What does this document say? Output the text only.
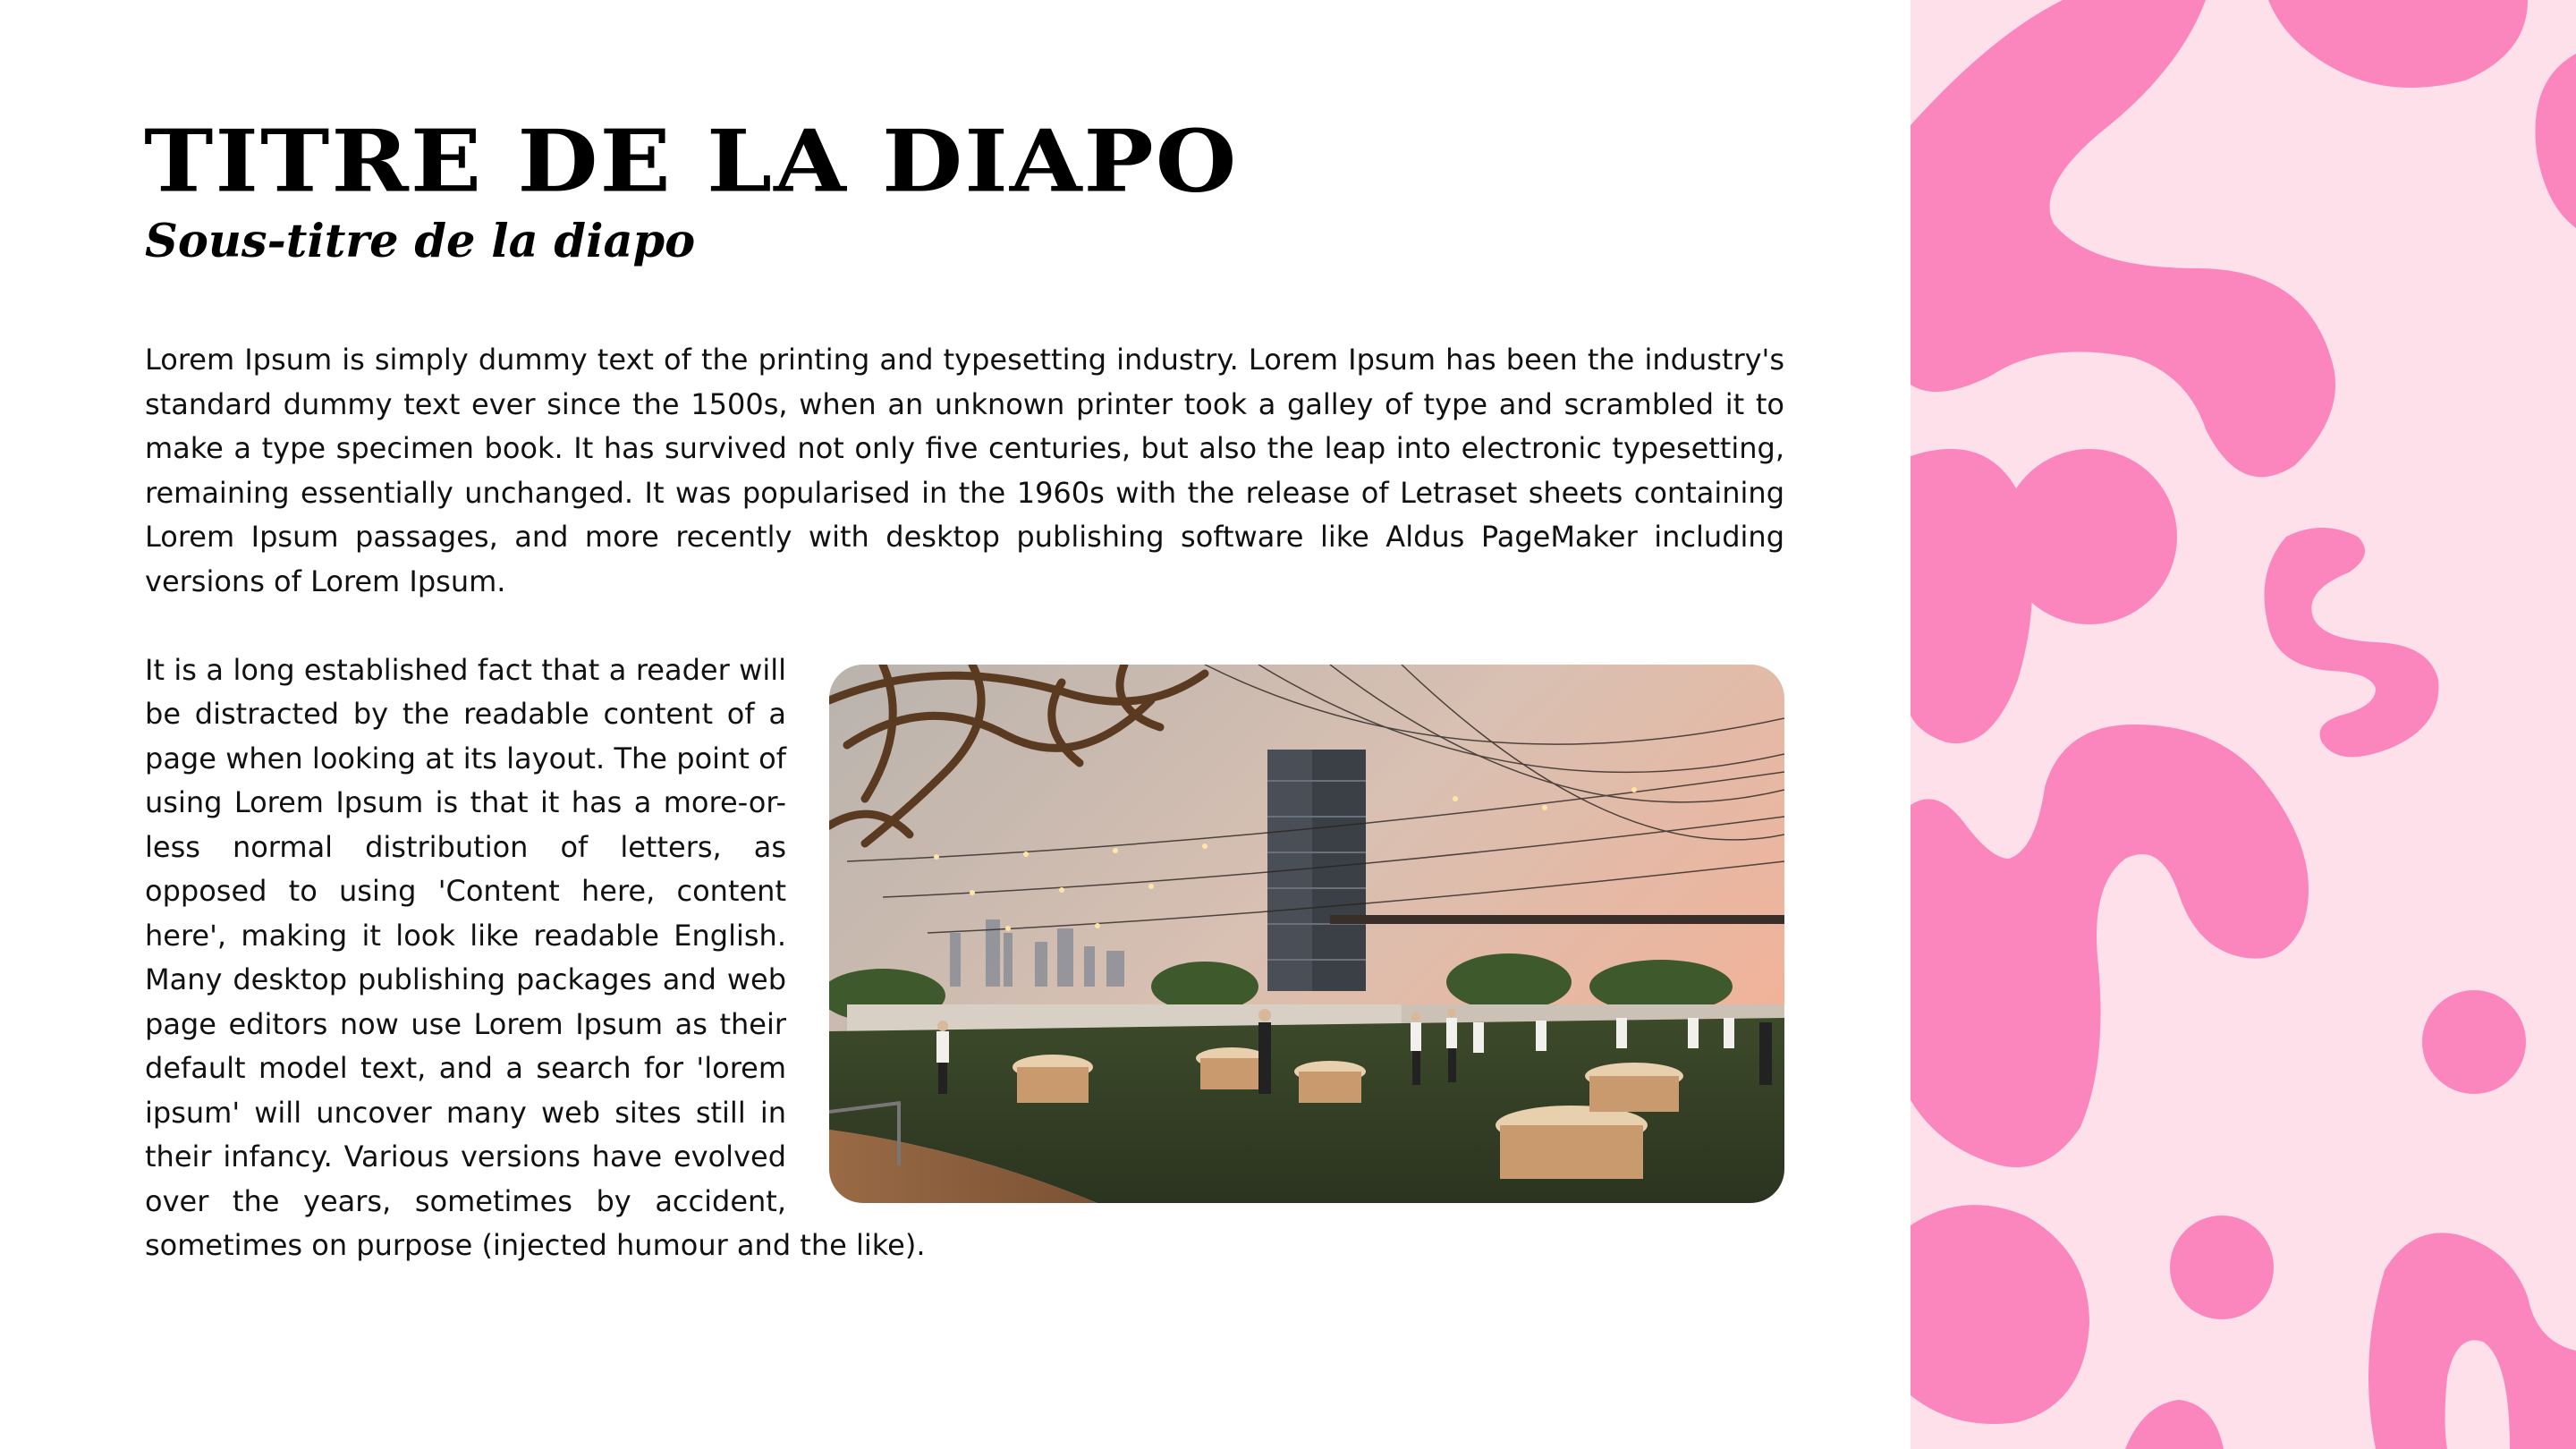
TITRE DE LA DIAPO
Sous-titre de la diapo

Lorem Ipsum is simply dummy text of the printing and typesetting industry. Lorem Ipsum has been the industry's standard dummy text ever since the 1500s, when an unknown printer took a galley of type and scrambled it to make a type specimen book. It has survived not only five centuries, but also the leap into electronic typesetting, remaining essentially unchanged. It was popularised in the 1960s with the release of Letraset sheets containing Lorem Ipsum passages, and more recently with desktop publishing software like Aldus PageMaker including versions of Lorem Ipsum.

It is a long established fact that a reader will be distracted by the readable content of a page when looking at its layout. The point of using Lorem Ipsum is that it has a more-or-less normal distribution of letters, as opposed to using 'Content here, content here', making it look like readable English. Many desktop publishing packages and web page editors now use Lorem Ipsum as their default model text, and a search for 'lorem ipsum' will uncover many web sites still in their infancy. Various versions have evolved over the years, sometimes by accident, sometimes on purpose (injected humour and the like).
